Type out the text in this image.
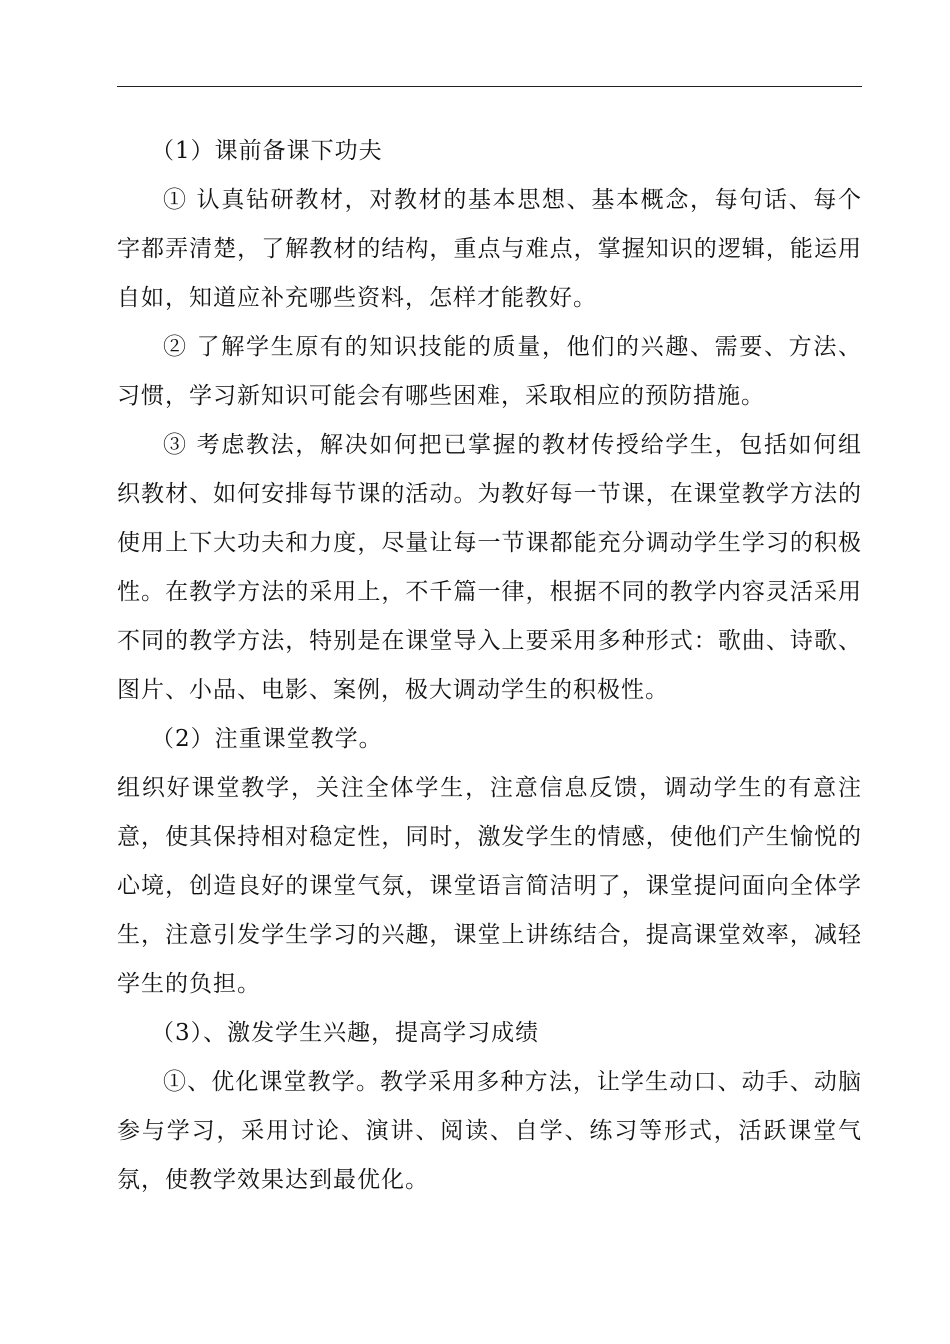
（1）课前备课下功夫

① 认真钻研教材，对教材的基本思想、基本概念，每句话、每个字都弄清楚，了解教材的结构，重点与难点，掌握知识的逻辑，能运用自如，知道应补充哪些资料，怎样才能教好。

② 了解学生原有的知识技能的质量，他们的兴趣、需要、方法、习惯，学习新知识可能会有哪些困难，采取相应的预防措施。

③ 考虑教法，解决如何把已掌握的教材传授给学生，包括如何组织教材、如何安排每节课的活动。为教好每一节课，在课堂教学方法的使用上下大功夫和力度，尽量让每一节课都能充分调动学生学习的积极性。在教学方法的采用上，不千篇一律，根据不同的教学内容灵活采用不同的教学方法，特别是在课堂导入上要采用多种形式：歌曲、诗歌、图片、小品、电影、案例，极大调动学生的积极性。

（2）注重课堂教学。

组织好课堂教学，关注全体学生，注意信息反馈，调动学生的有意注意，使其保持相对稳定性，同时，激发学生的情感，使他们产生愉悦的心境，创造良好的课堂气氛，课堂语言简洁明了，课堂提问面向全体学生，注意引发学生学习的兴趣，课堂上讲练结合，提高课堂效率，减轻学生的负担。

（3）、激发学生兴趣，提高学习成绩

①、优化课堂教学。教学采用多种方法，让学生动口、动手、动脑参与学习，采用讨论、演讲、阅读、自学、练习等形式，活跃课堂气氛，使教学效果达到最优化。
